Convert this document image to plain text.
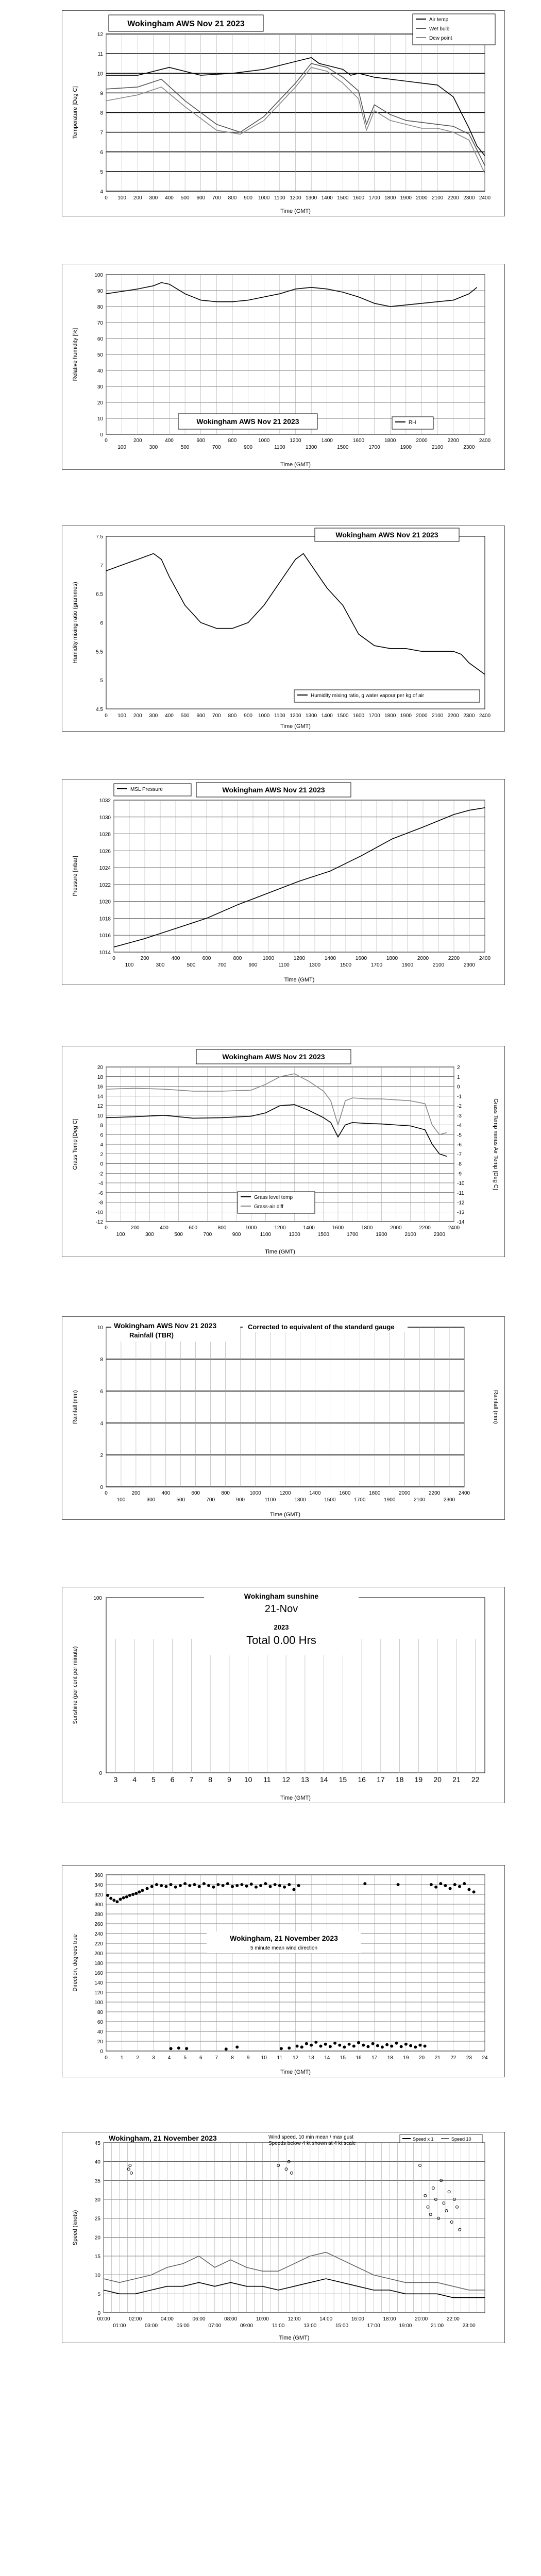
4
5
6
7
8
9
10
11
12
0 100 200 300 400 500 600 700 800 900 1000 1100 1200 1300 1400 1500 1600 1700 1800 1900 2000 2100 2200 2300 2400
Wokingham AWS Nov 21 2023	Air temp
Wet bulb
Dew point
Time (GMT)
Temperature [Deg C]
0
10
20
30
40
50
60
70
80
90
100
0	200	400	600	800	1000	1200	1400	1600	1800	2000	2200	2400
100	300	500	700	900	1100	1300	1500	1700	1900	2100	2300
Wokingham AWS Nov 21 2023	RH
Time (GMT)
Relative humidity [%]
4.5
5
5.5
6
6.5
7
7.5
0 100 200 300 400 500 600 700 800 900 1000 1100 1200 1300 1400 1500 1600 1700 1800 1900 2000 2100 2200 2300 2400
Wokingham AWS Nov 21 2023
Humidity mixing ratio, g water vapour per kg of air
Time (GMT)
Humidity mixing ratio (grammes)
1014
1016
1018
1020
1022
1024
1026
1028
1030
1032
0	200	400	600	800	1000	1200	1400	1600	1800	2000	2200	2400
100	300	500	700	900	1100	1300	1500	1700	1900	2100	2300
MSL Pressure	Wokingham AWS Nov 21 2023
Time (GMT)
Pressure [mbar]
-12
-10
-8
-6
-4
-2
0
2
4
6
8
10
12
14
16
18
20
-14
-13
-12
-11
-10
-9
-8
-7
-6
-5
-4
-3
-2
-1
0
1
2
0	200	400	600	800	1000	1200	1400	1600	1800	2000	2200	2400
100	300	500	700	900	1100	1300	1500	1700	1900	2100	2300
Wokingham AWS Nov 21 2023
Grass level temp
Grass-air diff
Time (GMT)
Grass Temp [Deg C]	Grass Temp minus Air Temp [Deg C]
0
2
4
6
8
10
0	200	400	600	800	1000	1200	1400	1600	1800	2000	2200	2400
100	300	500	700	900	1100	1300	1500	1700	1900	2100	2300
Wokingham AWS Nov 21 2023
Rainfall (TBR)
Corrected to equivalent of the standard gauge
Time (GMT)
Rainfall (mm)	Rainfall (mm)
3 4 5 6 7 8 9 10 11 12 13 14 15 16 17 18 19 20 21 22
100
0
Wokingham sunshine
21-Nov
2023
Total 0.00 Hrs
Time (GMT)
Sunshine (per cent per minute)
0
20
40
60
80
100
120
140
160
180
200
220
240
260
280
300
320
340
360
0	1	2	3	4	5	6	7	8	9 10 11 12 13 14 15 16 17 18 19 20 21 22 23 24
Wokingham, 21 November 2023
5 minute mean wind direction
Time (GMT)
Direction, degrees true
0
5
10
15
20
25
30
35
40
45
00:00	02:00	04:00	06:00	08:00	10:00	12:00	14:00	16:00	18:00	20:00	22:00
01:00	03:00	05:00	07:00	09:00	11:00	13:00	15:00	17:00	19:00	21:00	23:00
Wokingham, 21 November 2023	Wind speed, 10 min mean / max gust
Speeds below 4 kt shown at 4 kt scale
Speed x 1	Speed 10
Time (GMT)
Speed (knots)
